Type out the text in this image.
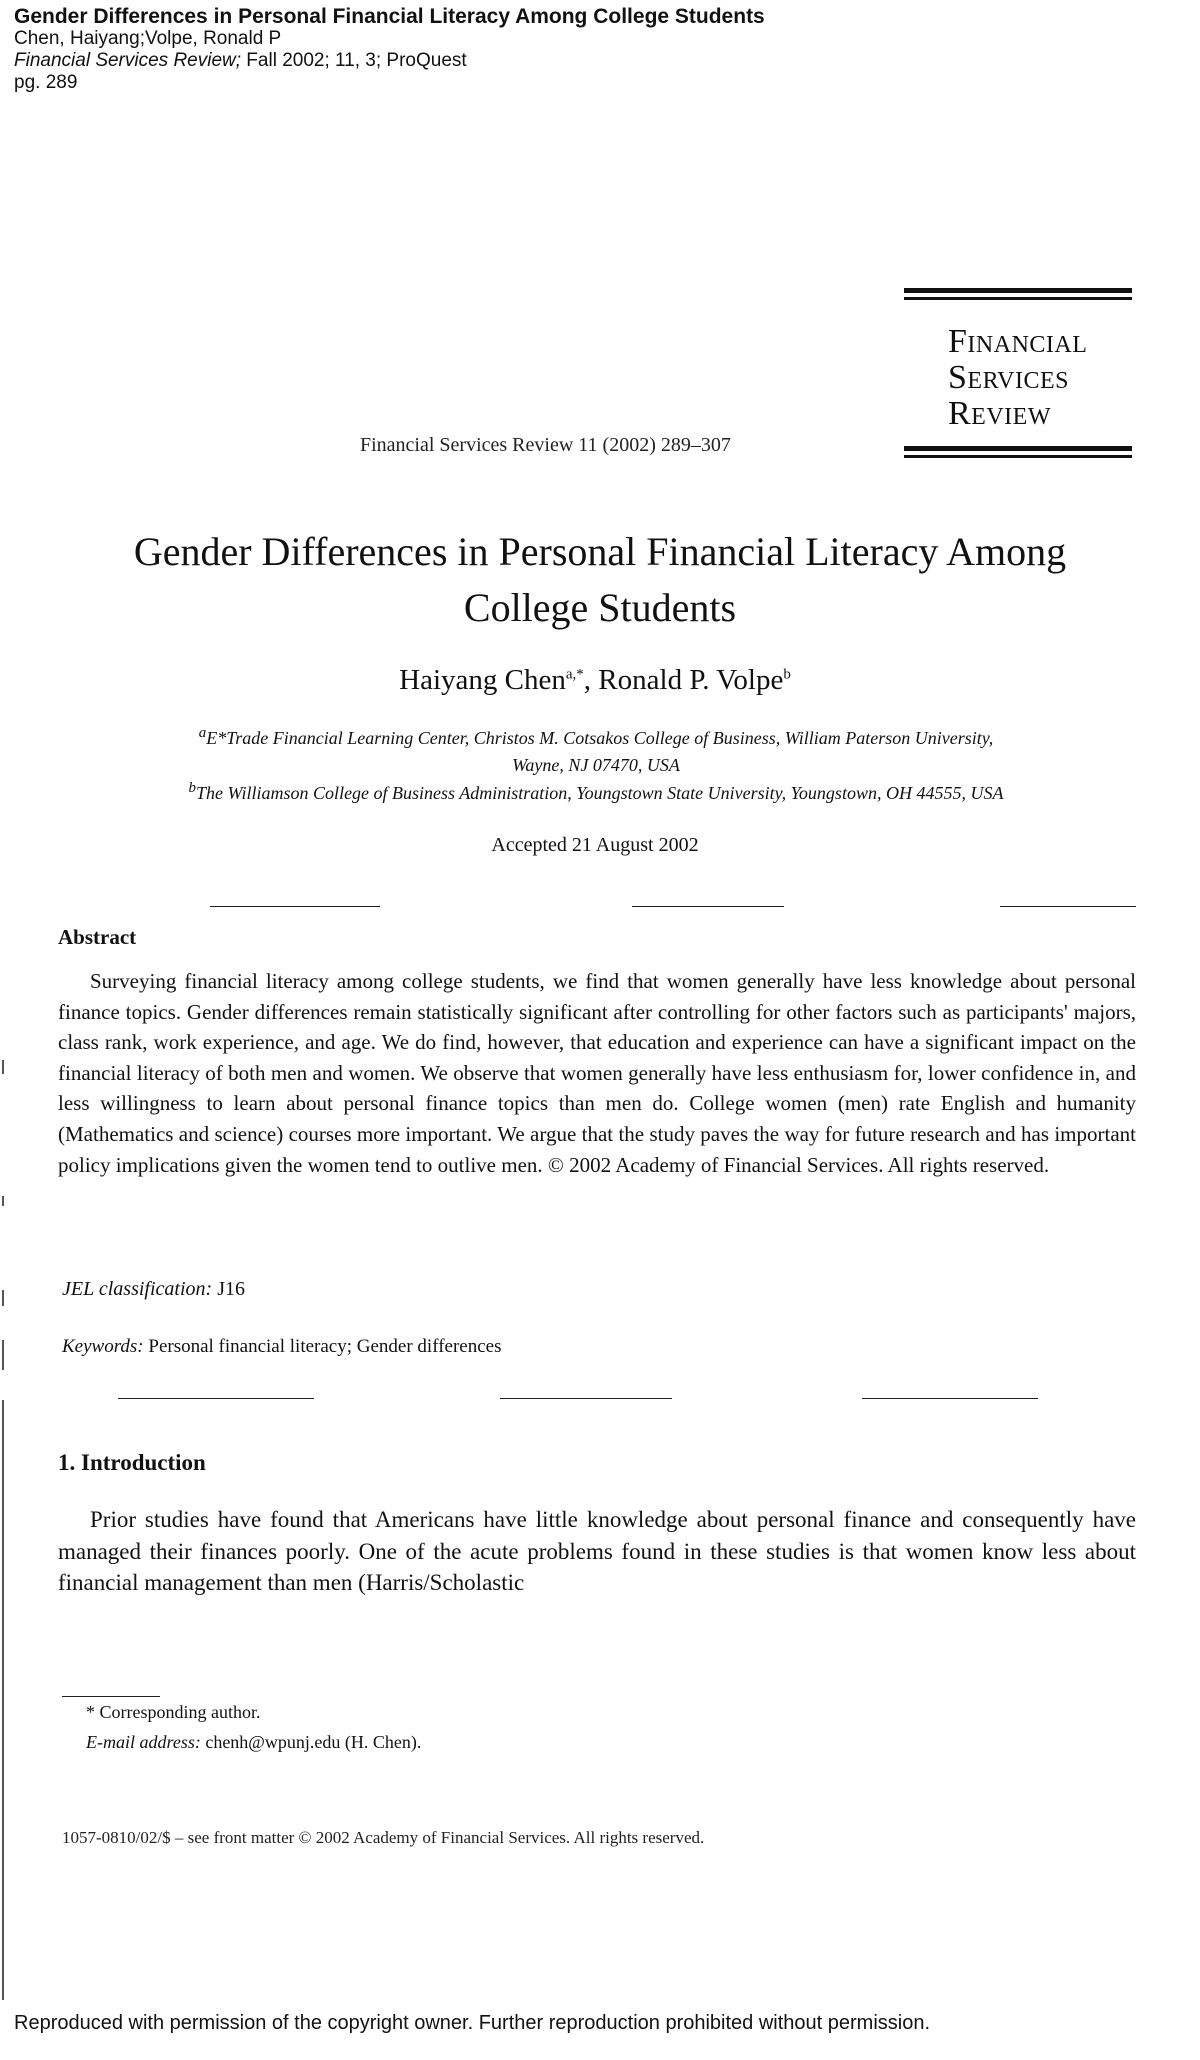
Gender Differences in Personal Financial Literacy Among College Students
Chen, Haiyang;Volpe, Ronald P
Financial Services Review; Fall 2002; 11, 3; ProQuest
pg. 289
Financial
Services
Review
Financial Services Review 11 (2002) 289–307
Gender Differences in Personal Financial Literacy Among
College Students
Haiyang Chen$^{a,*}$, Ronald P. Volpe$^b$
$^a$E*Trade Financial Learning Center, Christos M. Cotsakos College of Business, William Paterson University,
Wayne, NJ 07470, USA
$^b$The Williamson College of Business Administration, Youngstown State University, Youngstown, OH 44555, USA
Accepted 21 August 2002
Abstract
Surveying financial literacy among college students, we find that women generally have less knowledge about personal finance topics. Gender differences remain statistically significant after controlling for other factors such as participants' majors, class rank, work experience, and age. We do find, however, that education and experience can have a significant impact on the financial literacy of both men and women. We observe that women generally have less enthusiasm for, lower confidence in, and less willingness to learn about personal finance topics than men do. College women (men) rate English and humanity (Mathematics and science) courses more important. We argue that the study paves the way for future research and has important policy implications given the women tend to outlive men. © 2002 Academy of Financial Services. All rights reserved.
JEL classification: J16
Keywords: Personal financial literacy; Gender differences
1. Introduction
Prior studies have found that Americans have little knowledge about personal finance and consequently have managed their finances poorly. One of the acute problems found in these studies is that women know less about financial management than men (Harris/Scholastic
* Corresponding author.
E-mail address: chenh@wpunj.edu (H. Chen).
1057-0810/02/$ – see front matter © 2002 Academy of Financial Services. All rights reserved.
Reproduced with permission of the copyright owner. Further reproduction prohibited without permission.
